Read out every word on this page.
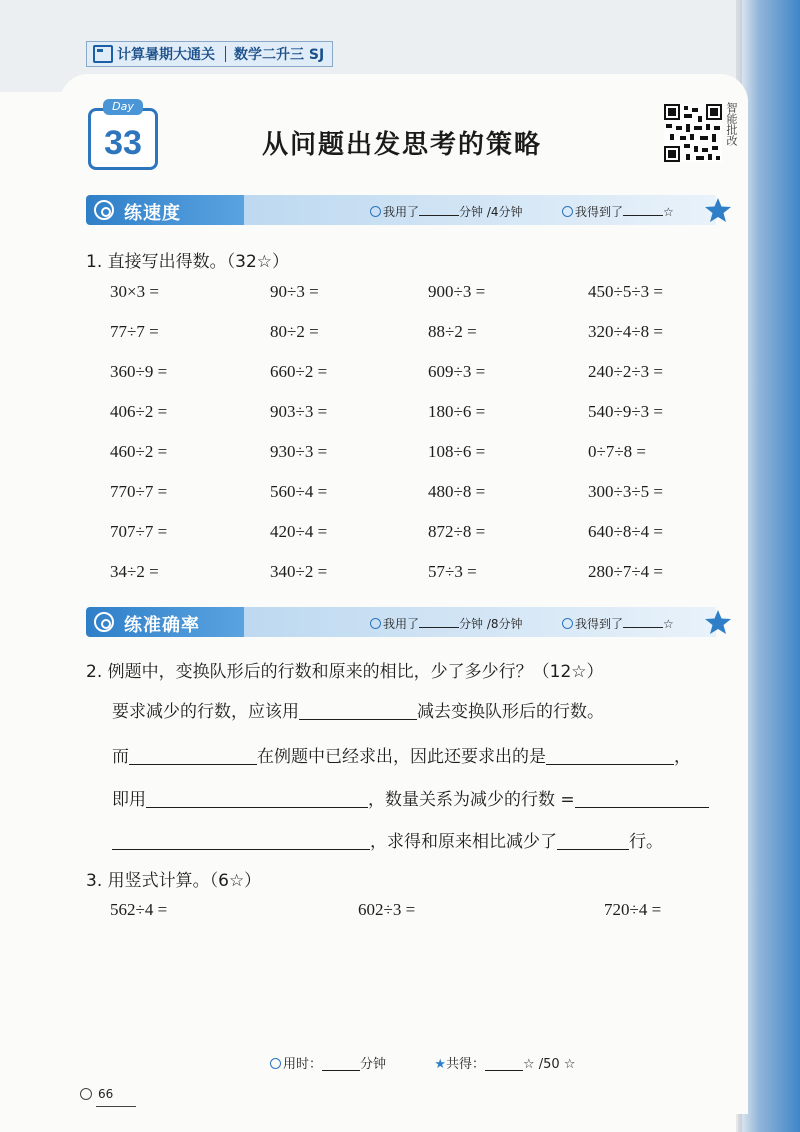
计算暑期大通关	数学二升三 SJ
Day
33	从问题出发思考的策略	智能批改
练速度	我用了	分钟 /4分钟	我得到了	☆
1. 直接写出得数。（32☆）
30×3 =	90÷3 =	900÷3 =	450÷5÷3 =
77÷7 =	80÷2 =	88÷2 =	320÷4÷8 =
360÷9 =	660÷2 =	609÷3 =	240÷2÷3 =
406÷2 =	903÷3 =	180÷6 =	540÷9÷3 =
460÷2 =	930÷3 =	108÷6 =	0÷7÷8 =
770÷7 =	560÷4 =	480÷8 =	300÷3÷5 =
707÷7 =	420÷4 =	872÷8 =	640÷8÷4 =
34÷2 =	340÷2 =	57÷3 =	280÷7÷4 =
练准确率	我用了	分钟 /8分钟	我得到了	☆
2. 例题中，变换队形后的行数和原来的相比，少了多少行？（12☆）
要求减少的行数，应该用	减去变换队形后的行数。
而	在例题中已经求出，因此还要求出的是	，
即用	，数量关系为减少的行数 =
，求得和原来相比减少了	行。
3. 用竖式计算。（6☆）
562÷4 =	602÷3 =	720÷4 =
用时：	分钟	★共得：	☆ /50 ☆
66
